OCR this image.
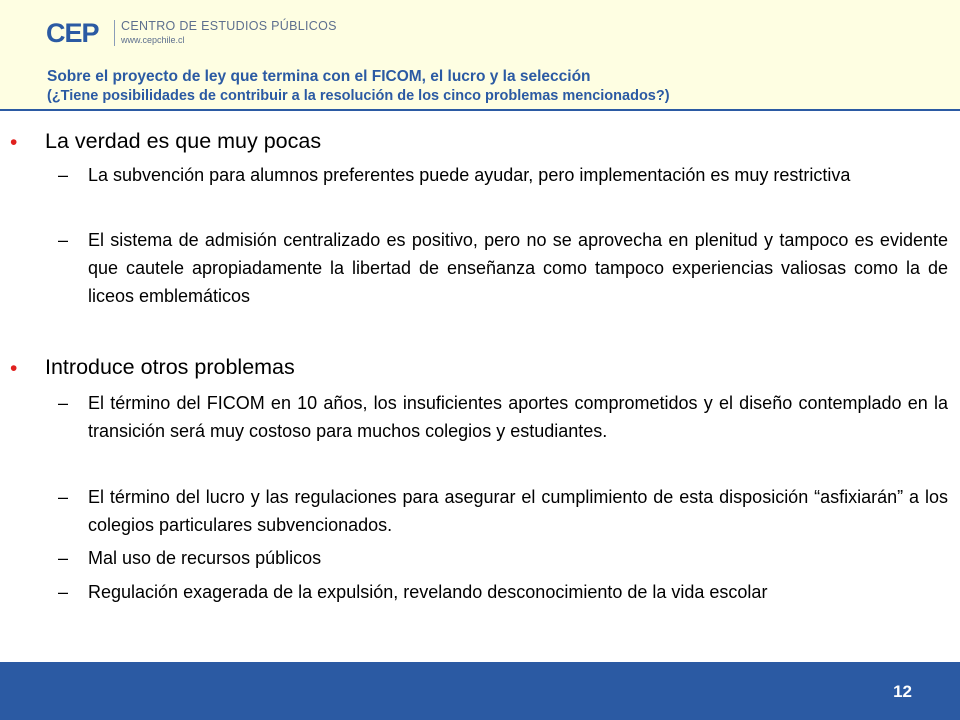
CEP CENTRO DE ESTUDIOS PÚBLICOS
www.cepchile.cl
Sobre el proyecto de ley que termina con el FICOM, el lucro y la selección
(¿Tiene posibilidades de contribuir a la resolución de los cinco problemas mencionados?)
• La verdad es que muy pocas
– La subvención para alumnos preferentes puede ayudar, pero implementación es muy restrictiva
– El sistema de admisión centralizado es positivo, pero no se aprovecha en plenitud y tampoco es evidente que cautele apropiadamente la libertad de enseñanza como tampoco experiencias valiosas como la de liceos emblemáticos
• Introduce otros problemas
– El término del FICOM en 10 años, los insuficientes aportes comprometidos y el diseño contemplado en la transición será muy costoso para muchos colegios y estudiantes.
– El término del lucro y las regulaciones para asegurar el cumplimiento de esta disposición “asfixiarán” a los colegios particulares subvencionados.
– Mal uso de recursos públicos
– Regulación exagerada de la expulsión, revelando desconocimiento de la vida escolar
12
